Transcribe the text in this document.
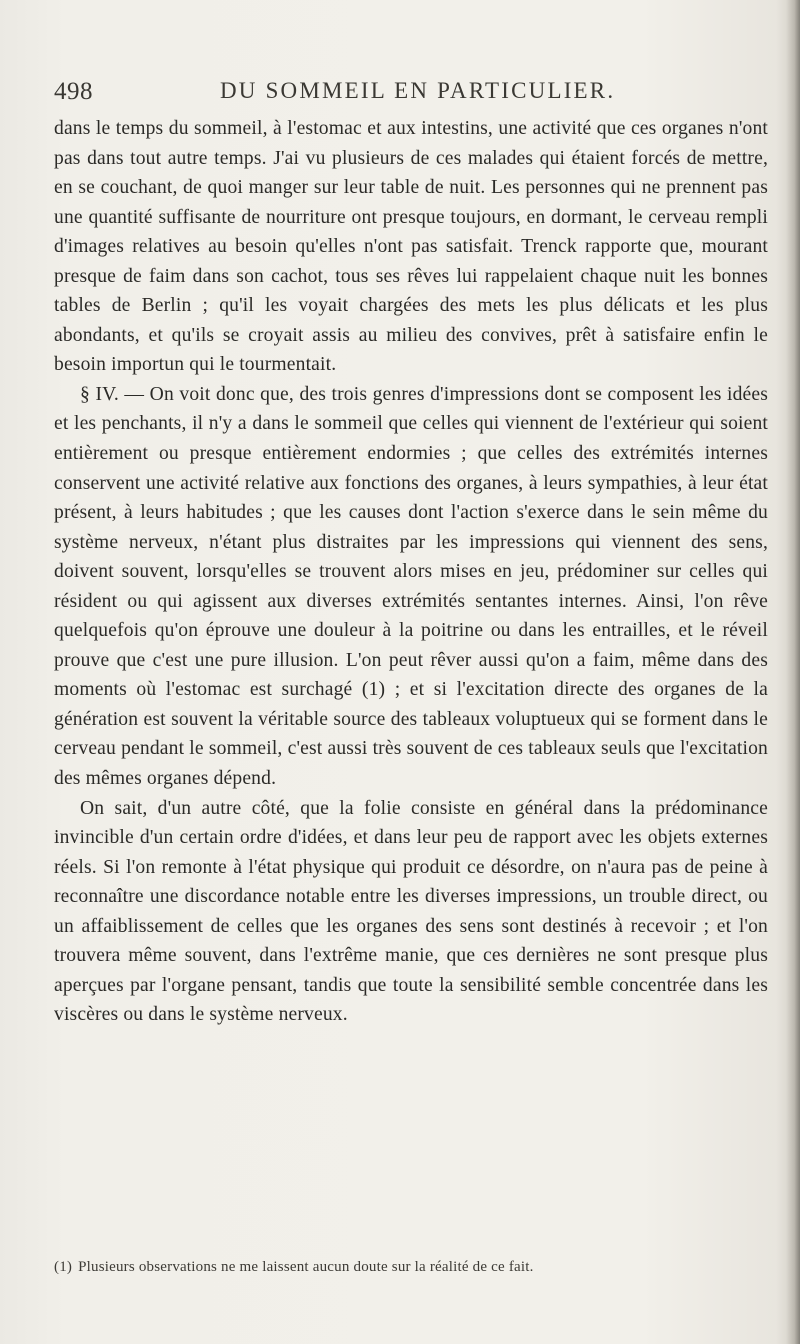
498	DU SOMMEIL EN PARTICULIER.

dans le temps du sommeil, à l'estomac et aux intestins, une activité que ces organes n'ont pas dans tout autre temps. J'ai vu plusieurs de ces malades qui étaient forcés de mettre, en se couchant, de quoi manger sur leur table de nuit. Les personnes qui ne prennent pas une quantité suffisante de nourriture ont presque toujours, en dormant, le cerveau rempli d'images relatives au besoin qu'elles n'ont pas satisfait. Trenck rapporte que, mourant presque de faim dans son cachot, tous ses rêves lui rappelaient chaque nuit les bonnes tables de Berlin ; qu'il les voyait chargées des mets les plus délicats et les plus abondants, et qu'ils se croyait assis au milieu des convives, prêt à satisfaire enfin le besoin importun qui le tourmentait.

§ IV. — On voit donc que, des trois genres d'impressions dont se composent les idées et les penchants, il n'y a dans le sommeil que celles qui viennent de l'extérieur qui soient entièrement ou presque entièrement endormies ; que celles des extrémités internes conservent une activité relative aux fonctions des organes, à leurs sympathies, à leur état présent, à leurs habitudes ; que les causes dont l'action s'exerce dans le sein même du système nerveux, n'étant plus distraites par les impressions qui viennent des sens, doivent souvent, lorsqu'elles se trouvent alors mises en jeu, prédominer sur celles qui résident ou qui agissent aux diverses extrémités sentantes internes. Ainsi, l'on rêve quelquefois qu'on éprouve une douleur à la poitrine ou dans les entrailles, et le réveil prouve que c'est une pure illusion. L'on peut rêver aussi qu'on a faim, même dans des moments où l'estomac est surchagé (1) ; et si l'excitation directe des organes de la génération est souvent la véritable source des tableaux voluptueux qui se forment dans le cerveau pendant le sommeil, c'est aussi très souvent de ces tableaux seuls que l'excitation des mêmes organes dépend.

On sait, d'un autre côté, que la folie consiste en général dans la prédominance invincible d'un certain ordre d'idées, et dans leur peu de rapport avec les objets externes réels. Si l'on remonte à l'état physique qui produit ce désordre, on n'aura pas de peine à reconnaître une discordance notable entre les diverses impressions, un trouble direct, ou un affaiblissement de celles que les organes des sens sont destinés à recevoir ; et l'on trouvera même souvent, dans l'extrême manie, que ces dernières ne sont presque plus aperçues par l'organe pensant, tandis que toute la sensibilité semble concentrée dans les viscères ou dans le système nerveux.

(1) Plusieurs observations ne me laissent aucun doute sur la réalité de ce fait.
